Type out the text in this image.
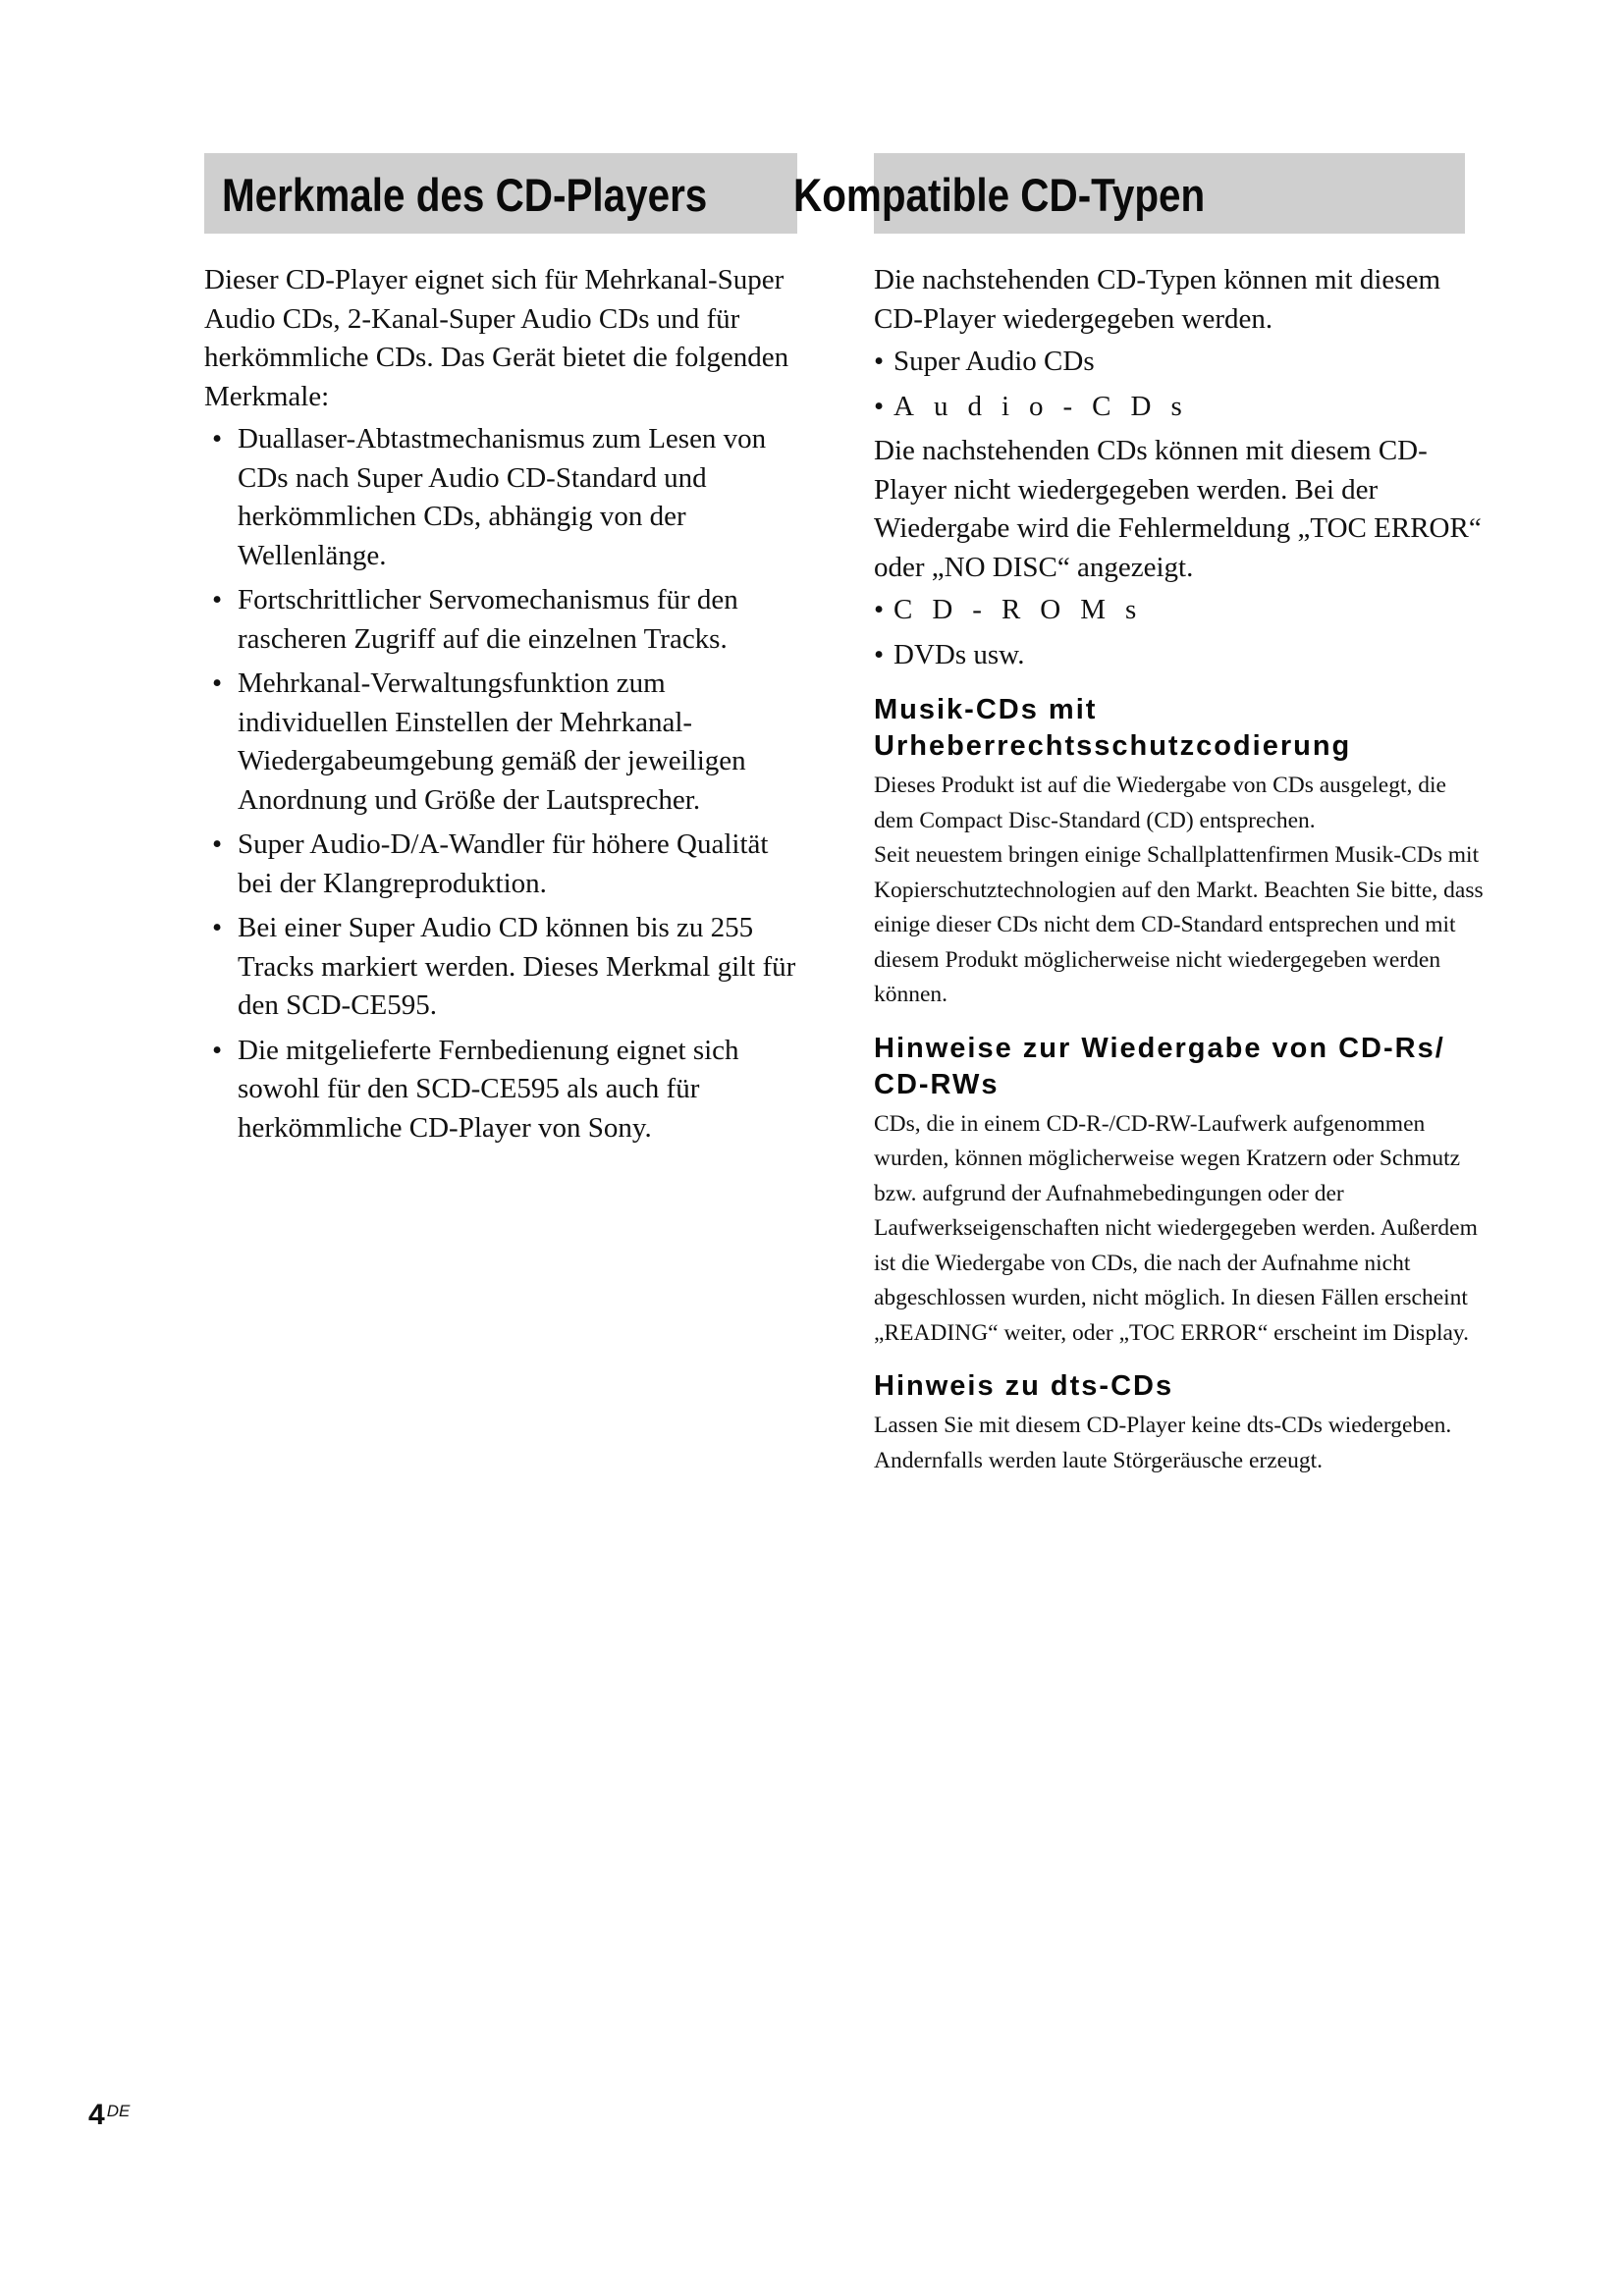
Merkmale des CD-Players Kompatible CD-Typen

Dieser CD-Player eignet sich für Mehrkanal-Super Audio CDs, 2-Kanal-Super Audio CDs und für herkömmliche CDs. Das Gerät bietet die folgenden Merkmale:

• Duallaser-Abtastmechanismus zum Lesen von CDs nach Super Audio CD-Standard und herkömmlichen CDs, abhängig von der Wellenlänge.
• Fortschrittlicher Servomechanismus für den rascheren Zugriff auf die einzelnen Tracks.
• Mehrkanal-Verwaltungsfunktion zum individuellen Einstellen der Mehrkanal-Wiedergabeumgebung gemäß der jeweiligen Anordnung und Größe der Lautsprecher.
• Super Audio-D/A-Wandler für höhere Qualität bei der Klangreproduktion.
• Bei einer Super Audio CD können bis zu 255 Tracks markiert werden. Dieses Merkmal gilt für den SCD-CE595.
• Die mitgelieferte Fernbedienung eignet sich sowohl für den SCD-CE595 als auch für herkömmliche CD-Player von Sony.

Die nachstehenden CD-Typen können mit diesem CD-Player wiedergegeben werden.

• Super Audio CDs
• Audio-CDs

Die nachstehenden CDs können mit diesem CD-Player nicht wiedergegeben werden. Bei der Wiedergabe wird die Fehlermeldung „TOC ERROR“ oder „NO DISC“ angezeigt.

• CD-ROMs
• DVDs usw.
Musik-CDs mit Urheberrechtsschutzcodierung

Dieses Produkt ist auf die Wiedergabe von CDs ausgelegt, die dem Compact Disc-Standard (CD) entsprechen.

Seit neuestem bringen einige Schallplattenfirmen Musik-CDs mit Kopierschutztechnologien auf den Markt. Beachten Sie bitte, dass einige dieser CDs nicht dem CD-Standard entsprechen und mit diesem Produkt möglicherweise nicht wiedergegeben werden können.

Hinweise zur Wiedergabe von CD-Rs/ CD-RWs

CDs, die in einem CD-R-/CD-RW-Laufwerk aufgenommen wurden, können möglicherweise wegen Kratzern oder Schmutz bzw. aufgrund der Aufnahmebedingungen oder der Laufwerkseigenschaften nicht wiedergegeben werden. Außerdem ist die Wiedergabe von CDs, die nach der Aufnahme nicht abgeschlossen wurden, nicht möglich. In diesen Fällen erscheint „READING“ weiter, oder „TOC ERROR“ erscheint im Display.

Hinweis zu dts-CDs

Lassen Sie mit diesem CD-Player keine dts-CDs wiedergeben. Andernfalls werden laute Störgeräusche erzeugt.

4 $^{DE}$
